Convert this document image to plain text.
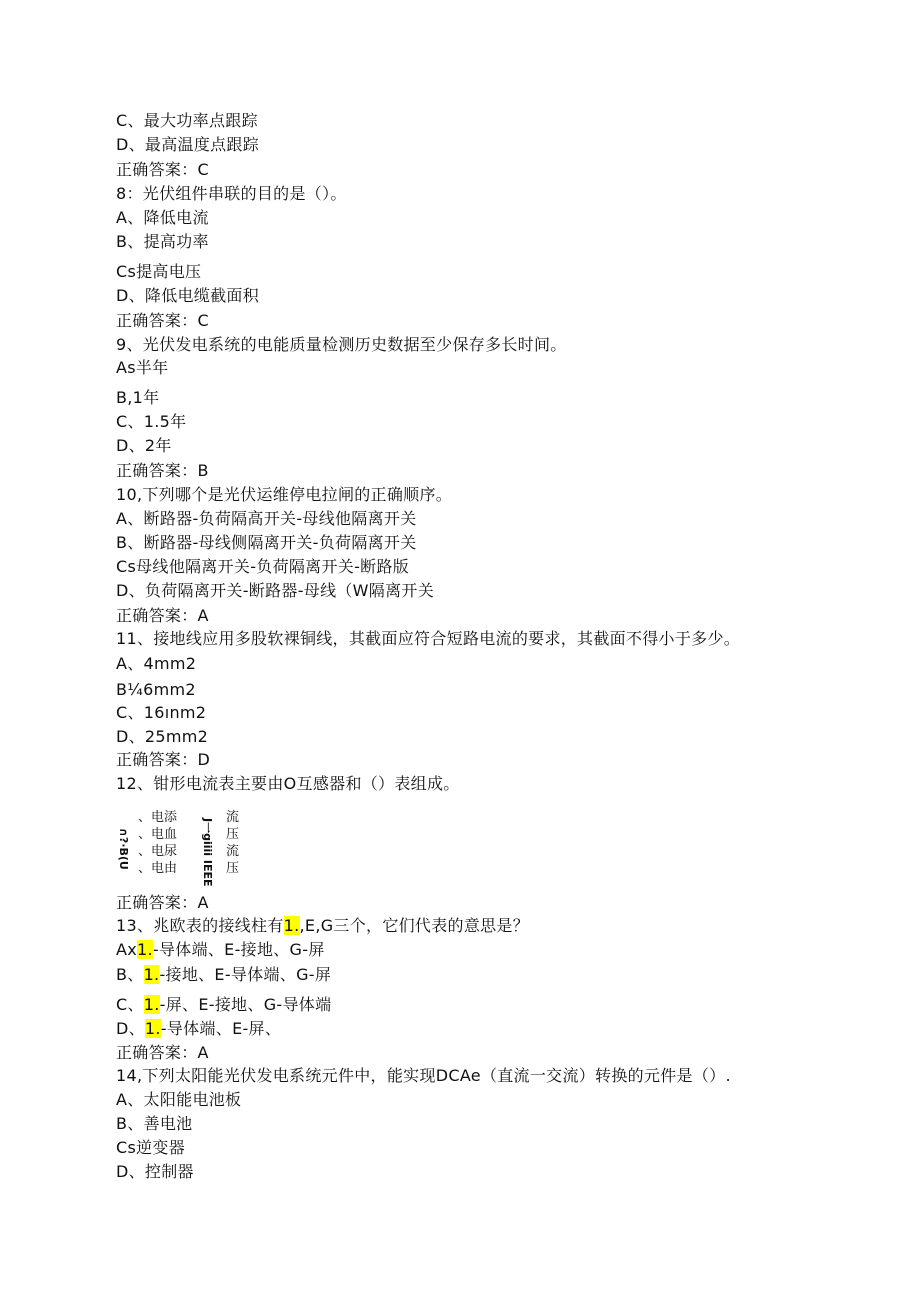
C、最大功率点跟踪
D、最高温度点跟踪
正确答案：C
8：光伏组件串联的目的是（）。
A、降低电流
B、提高功率
Cs提高电压
D、降低电缆截面积
正确答案：C
9、光伏发电系统的电能质量检测历史数据至少保存多长时间。
As半年
B,1年
C、1.5年
D、2年
正确答案：B
10,下列哪个是光伏运维停电拉闸的正确顺序。
A、断路器-负荷隔高开关-母线他隔离开关
B、断路器-母线侧隔离开关-负荷隔离开关
Cs母线他隔离开关-负荷隔离开关-断路版
D、负荷隔离开关-断路器-母线（W隔离开关
正确答案：A
11、接地线应用多股软裸铜线，其截面应符合短路电流的要求，其截面不得小于多少。
A、4mm2
B¼6mm2
C、16ınm2
D、25mm2
正确答案：D
12、钳形电流表主要由O互感器和（）表组成。
∩?·B(U
、电添
、电血
、电尿
、电由 J一giiii IEEE
流
压
流
压
正确答案：A
13、兆欧表的接线柱有1.,E,G三个，它们代表的意思是？
Ax1.-导体端、E-接地、G-屏
B、1.-接地、E-导体端、G-屏
C、1.-屏、E-接地、G-导体端
D、1.-导体端、E-屏、
正确答案：A
14,下列太阳能光伏发电系统元件中，能实现DCAe（直流一交流）转换的元件是（）.
A、太阳能电池板
B、善电池
Cs逆变器
D、控制器
